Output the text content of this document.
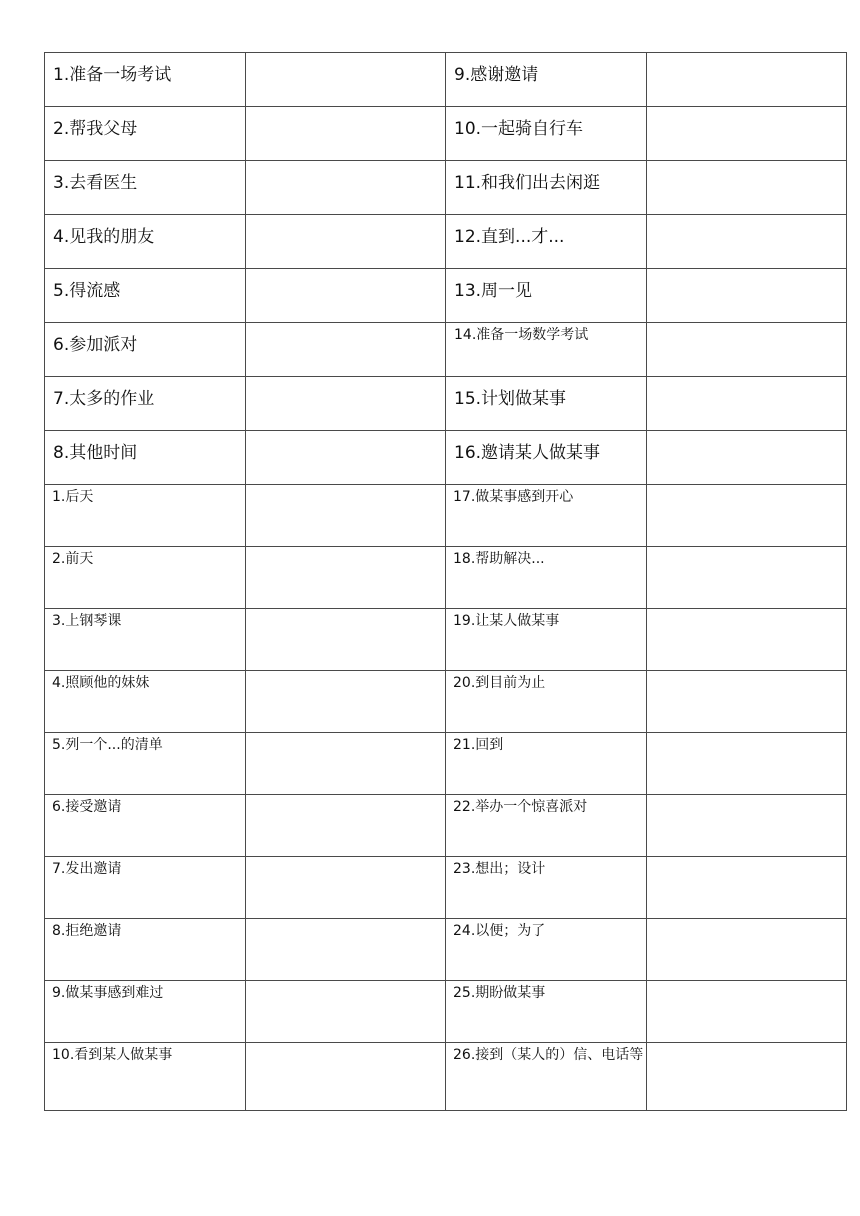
1.准备一场考试		9.感谢邀请	

2.帮我父母		10.一起骑自行车	

3.去看医生		11.和我们出去闲逛	

4.见我的朋友		12.直到...才...	

5.得流感		13.周一见	

6.参加派对		14.准备一场数学考试	

7.太多的作业		15.计划做某事	

8.其他时间		16.邀请某人做某事	

1.后天		17.做某事感到开心	

2.前天		18.帮助解决...	

3.上钢琴课		19.让某人做某事	

4.照顾他的妹妹		20.到目前为止	

5.列一个...的清单		21.回到	

6.接受邀请		22.举办一个惊喜派对	

7.发出邀请		23.想出；设计	

8.拒绝邀请		24.以便；为了	

9.做某事感到难过		25.期盼做某事	

10.看到某人做某事		26.接到（某人的）信、电话等	
